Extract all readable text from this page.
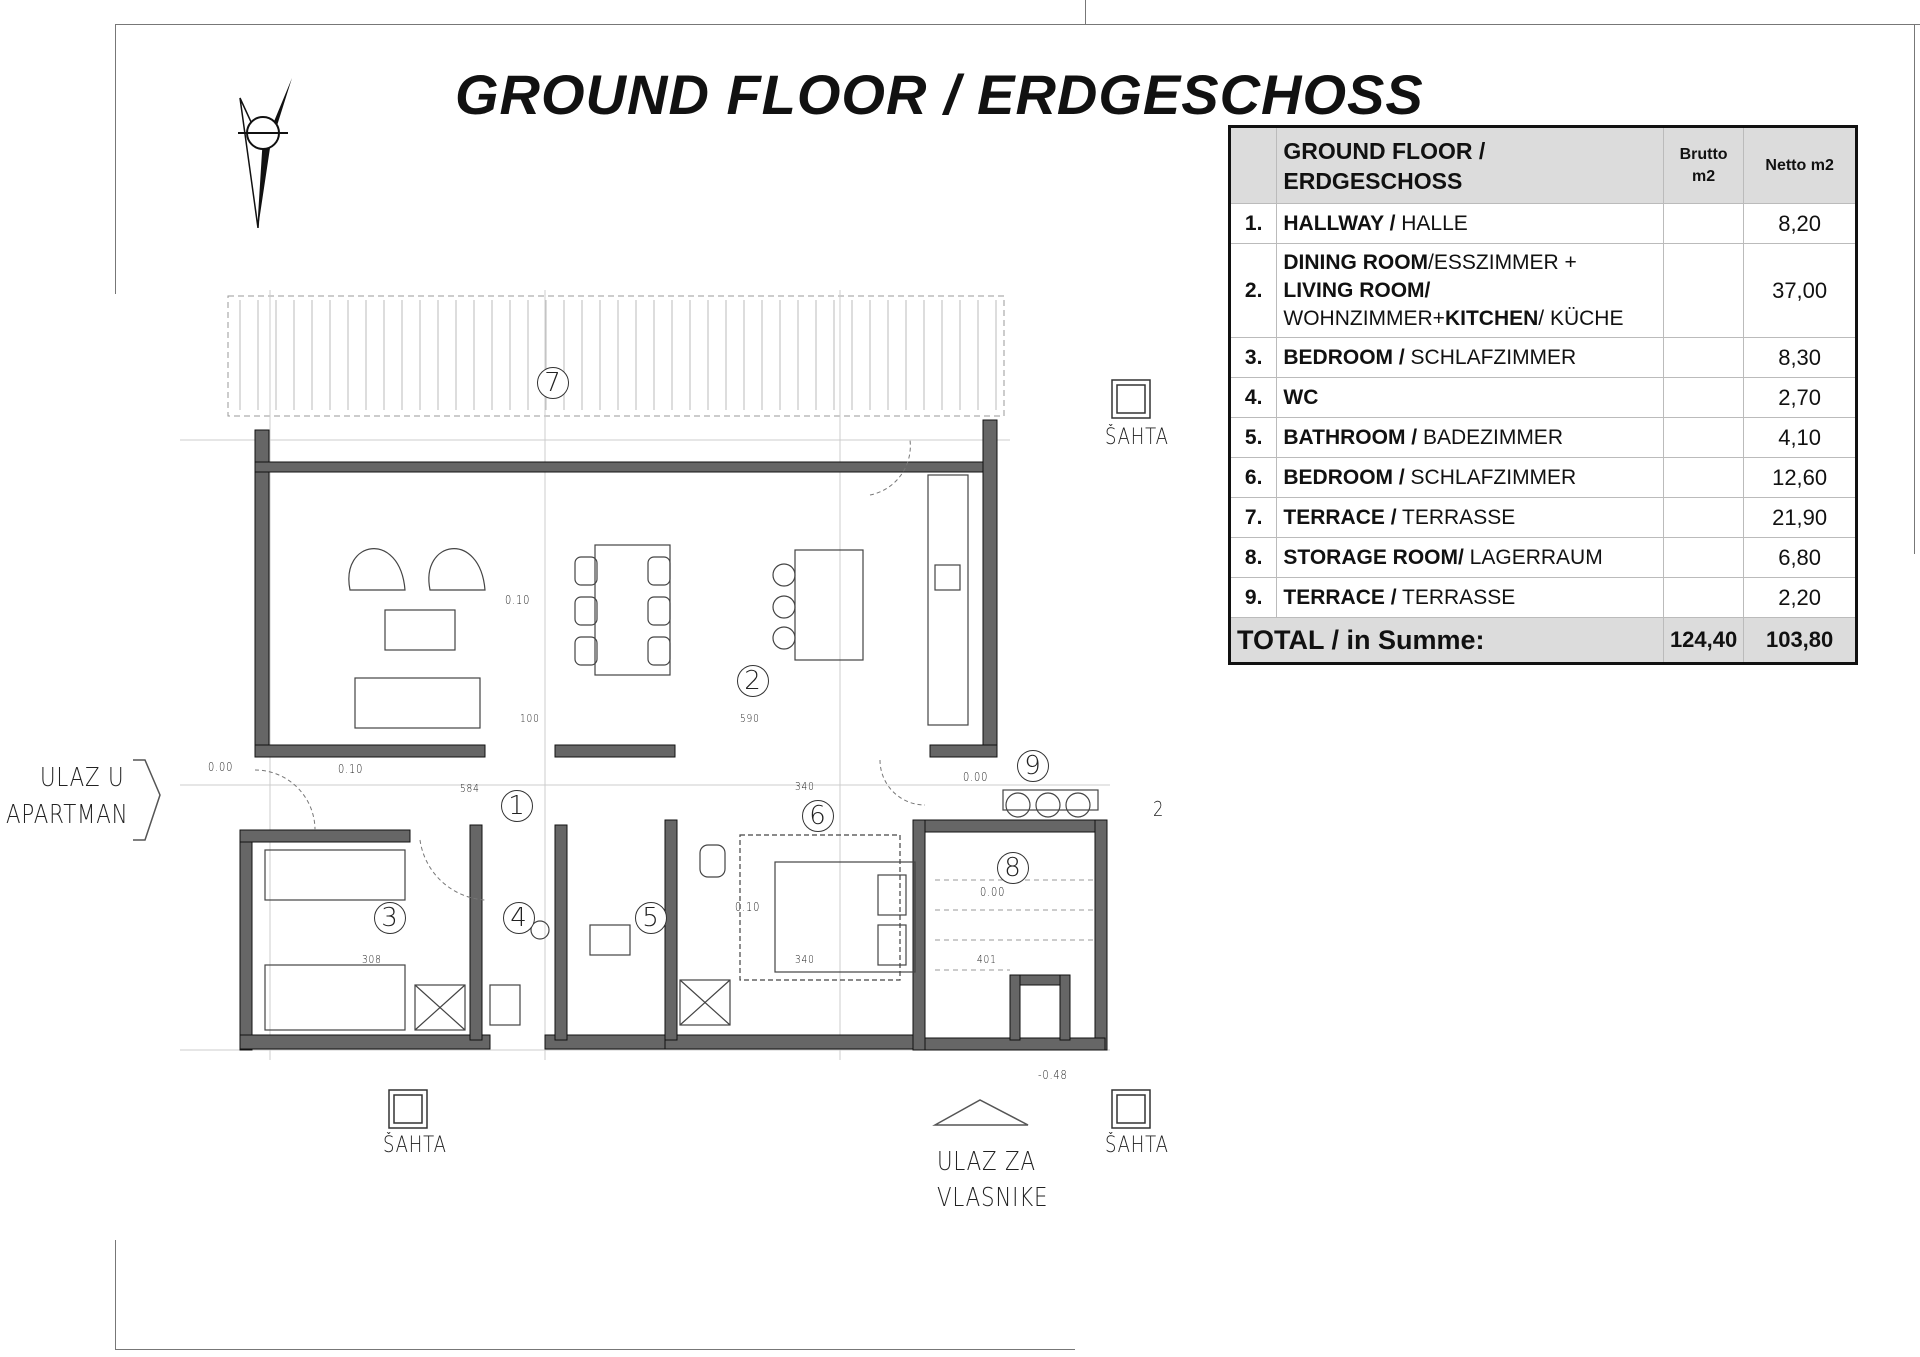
GROUND FLOOR / ERDGESCHOSS
7
2
1	6
9
8
3	4	5
0.00	0.10
0.10
0.00
0.00
0.10
-0.48
590
100
584	340
308	340	401
ULAZ U
APARTMAN
ULAZ ZA
VLASNIKE
ŠAHTA
ŠAHTA	ŠAHTA
2
	GROUND FLOOR / ERDGESCHOSS	Brutto m2	Netto m2
1.	HALLWAY / HALLE		8,20
2.	DINING ROOM/ESSZIMMER +
LIVING ROOM/
WOHNZIMMER+KITCHEN/ KÜCHE		37,00
3.	BEDROOM / SCHLAFZIMMER		8,30
4.	WC		2,70
5.	BATHROOM / BADEZIMMER		4,10
6.	BEDROOM / SCHLAFZIMMER		12,60
7.	TERRACE / TERRASSE		21,90
8.	STORAGE ROOM/ LAGERRAUM		6,80
9.	TERRACE / TERRASSE		2,20
TOTAL / in Summe:		124,40	103,80
